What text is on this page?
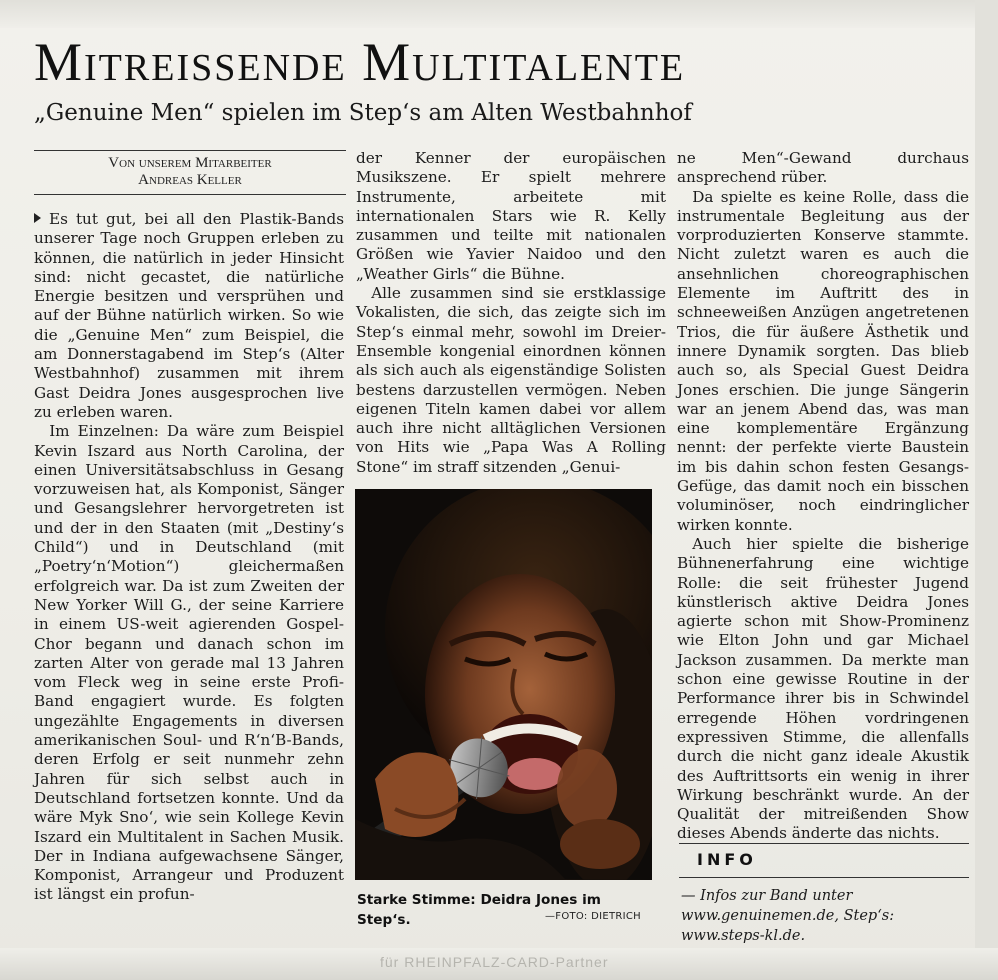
für RHEINPFALZ-CARD-Partner
Mitreissende Multitalente
„Genuine Men“ spielen im Step‘s am Alten Westbahnhof
Von unserem Mitarbeiter
Andreas Keller

Es tut gut, bei all den Plastik-Bands unserer Tage noch Gruppen erleben zu können, die natürlich in jeder Hinsicht sind: nicht gecastet, die natürliche Energie besitzen und versprühen und auf der Bühne natürlich wirken. So wie die „Genuine Men“ zum Beispiel, die am Donnerstagabend im Step‘s (Alter Westbahnhof) zusammen mit ihrem Gast Deidra Jones ausgesprochen live zu erleben waren.

Im Einzelnen: Da wäre zum Beispiel Kevin Iszard aus North Carolina, der einen Universitätsabschluss in Gesang vorzuweisen hat, als Komponist, Sänger und Gesangslehrer hervorgetreten ist und der in den Staaten (mit „Destiny‘s Child“) und in Deutschland (mit „Poetry‘n‘Motion“) gleichermaßen erfolgreich war. Da ist zum Zweiten der New Yorker Will G., der seine Karriere in einem US-weit agierenden Gospel-Chor begann und danach schon im zarten Alter von gerade mal 13 Jahren vom Fleck weg in seine erste Profi-Band engagiert wurde. Es folgten ungezählte Engagements in diversen amerikanischen Soul- und R‘n‘B-Bands, deren Erfolg er seit nunmehr zehn Jahren für sich selbst auch in Deutschland fortsetzen konnte. Und da wäre Myk Sno‘, wie sein Kollege Kevin Iszard ein Multitalent in Sachen Musik. Der in Indiana aufgewachsene Sänger, Komponist, Arrangeur und Produzent ist längst ein profun-

der Kenner der europäischen Musikszene. Er spielt mehrere Instrumente, arbeitete mit internationalen Stars wie R. Kelly zusammen und teilte mit nationalen Größen wie Yavier Naidoo und den „Weather Girls“ die Bühne.

Alle zusammen sind sie erstklassige Vokalisten, die sich, das zeigte sich im Step‘s einmal mehr, sowohl im Dreier-Ensemble kongenial einordnen können als sich auch als eigenständige Solisten bestens darzustellen vermögen. Neben eigenen Titeln kamen dabei vor allem auch ihre nicht alltäglichen Versionen von Hits wie „Papa Was A Rolling Stone“ im straff sitzenden „Genui-

Starke Stimme: Deidra Jones im Step‘s.	—FOTO: DIETRICH

ne Men“-Gewand durchaus ansprechend rüber.

Da spielte es keine Rolle, dass die instrumentale Begleitung aus der vorproduzierten Konserve stammte. Nicht zuletzt waren es auch die ansehnlichen choreographischen Elemente im Auftritt des in schneeweißen Anzügen angetretenen Trios, die für äußere Ästhetik und innere Dynamik sorgten. Das blieb auch so, als Special Guest Deidra Jones erschien. Die junge Sängerin war an jenem Abend das, was man eine komplementäre Ergänzung nennt: der perfekte vierte Baustein im bis dahin schon festen Gesangs-Gefüge, das damit noch ein bisschen voluminöser, noch eindringlicher wirken konnte.

Auch hier spielte die bisherige Bühnenerfahrung eine wichtige Rolle: die seit frühester Jugend künstlerisch aktive Deidra Jones agierte schon mit Show-Prominenz wie Elton John und gar Michael Jackson zusammen. Da merkte man schon eine gewisse Routine in der Performance ihrer bis in Schwindel erregende Höhen vordringenen expressiven Stimme, die allenfalls durch die nicht ganz ideale Akustik des Auftrittsorts ein wenig in ihrer Wirkung beschränkt wurde. An der Qualität der mitreißenden Show dieses Abends änderte das nichts.

INFO
— Infos zur Band unter www.genuinemen.de, Step‘s: www.steps-kl.de.
